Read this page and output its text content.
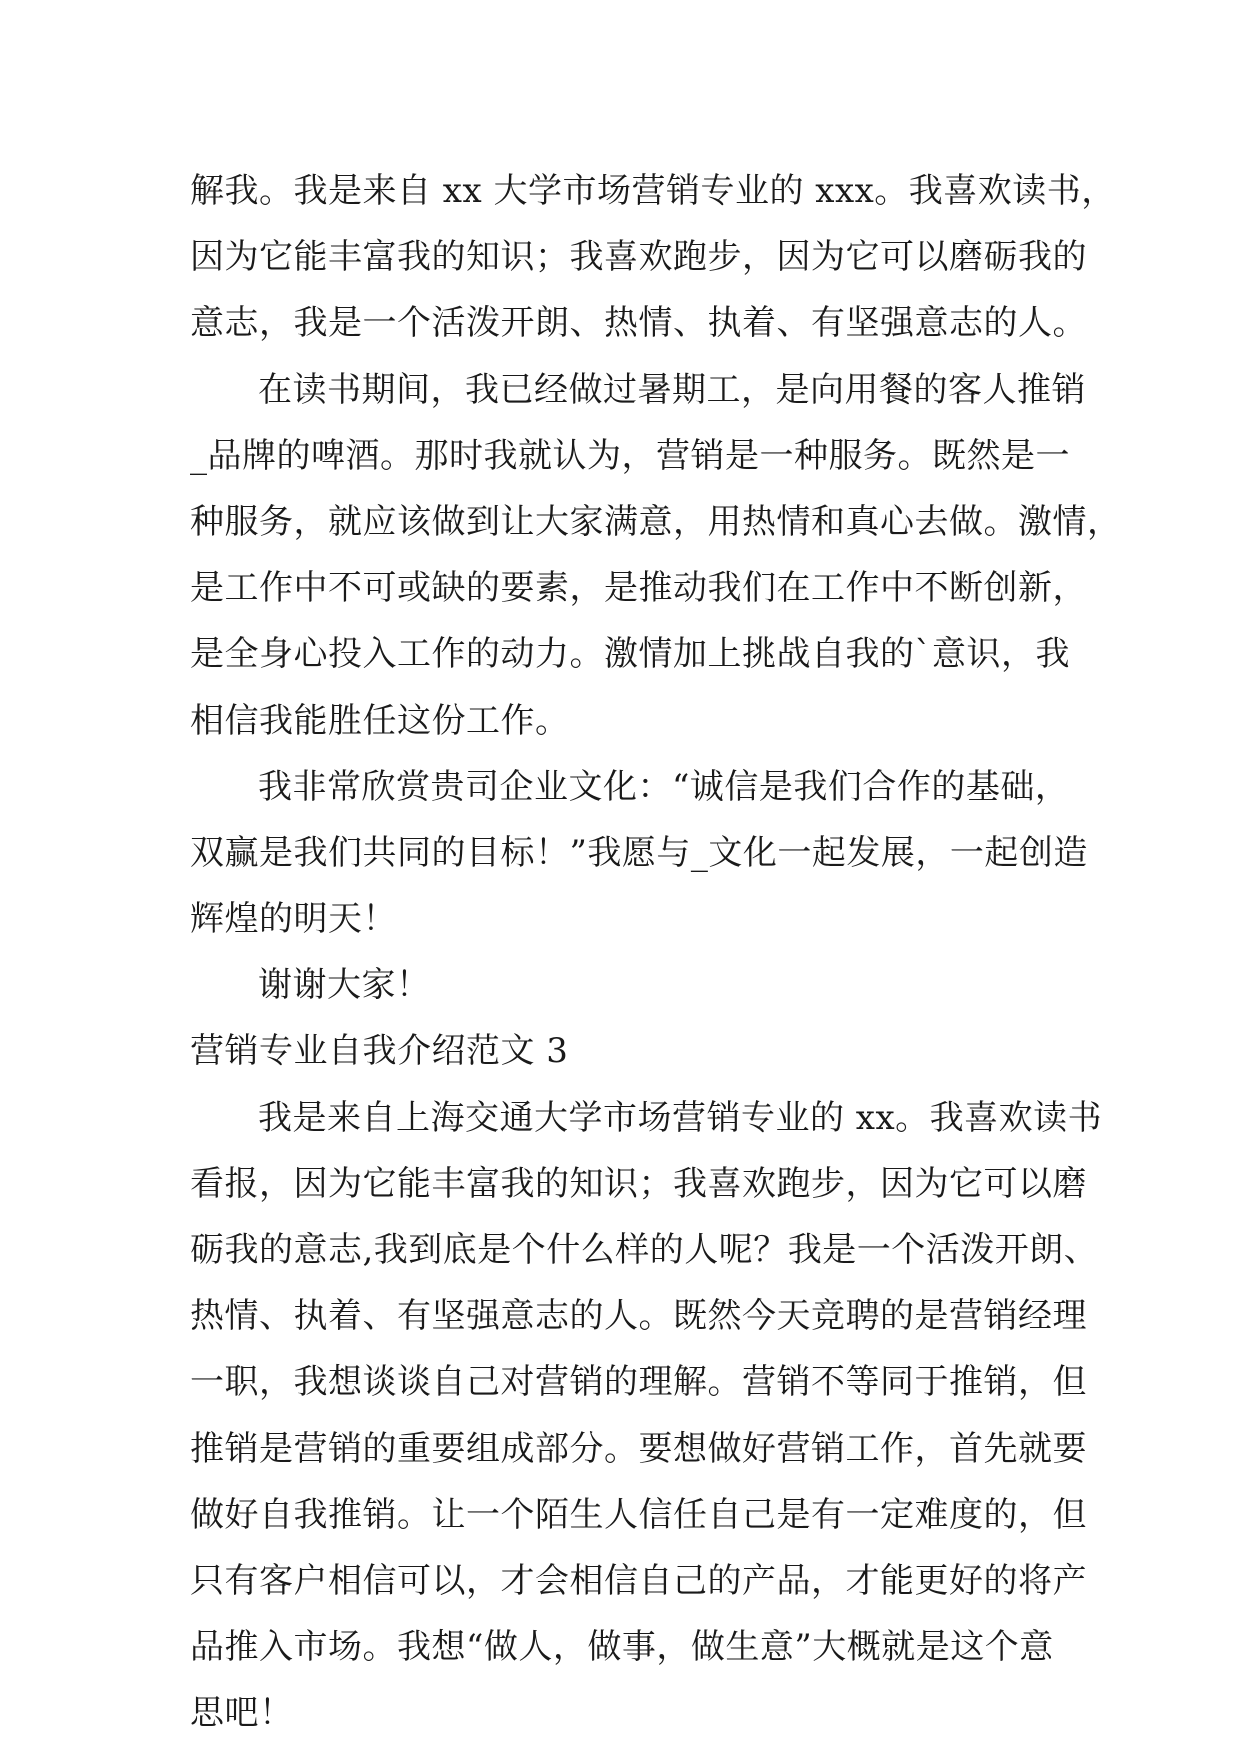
解我。我是来自 xx 大学市场营销专业的 xxx。我喜欢读书，
因为它能丰富我的知识；我喜欢跑步，因为它可以磨砺我的
意志，我是一个活泼开朗、热情、执着、有坚强意志的人。
在读书期间，我已经做过暑期工，是向用餐的客人推销
_品牌的啤酒。那时我就认为，营销是一种服务。既然是一
种服务，就应该做到让大家满意，用热情和真心去做。激情，
是工作中不可或缺的要素，是推动我们在工作中不断创新，
是全身心投入工作的动力。激情加上挑战自我的`意识，我
相信我能胜任这份工作。
我非常欣赏贵司企业文化：“诚信是我们合作的基础，
双赢是我们共同的目标！”我愿与_文化一起发展，一起创造
辉煌的明天！
谢谢大家！
营销专业自我介绍范文 3
我是来自上海交通大学市场营销专业的 xx。我喜欢读书
看报，因为它能丰富我的知识；我喜欢跑步，因为它可以磨
砺我的意志,我到底是个什么样的人呢？我是一个活泼开朗、
热情、执着、有坚强意志的人。既然今天竞聘的是营销经理
一职，我想谈谈自己对营销的理解。营销不等同于推销，但
推销是营销的重要组成部分。要想做好营销工作，首先就要
做好自我推销。让一个陌生人信任自己是有一定难度的，但
只有客户相信可以，才会相信自己的产品，才能更好的将产
品推入市场。我想“做人，做事，做生意”大概就是这个意
思吧！
